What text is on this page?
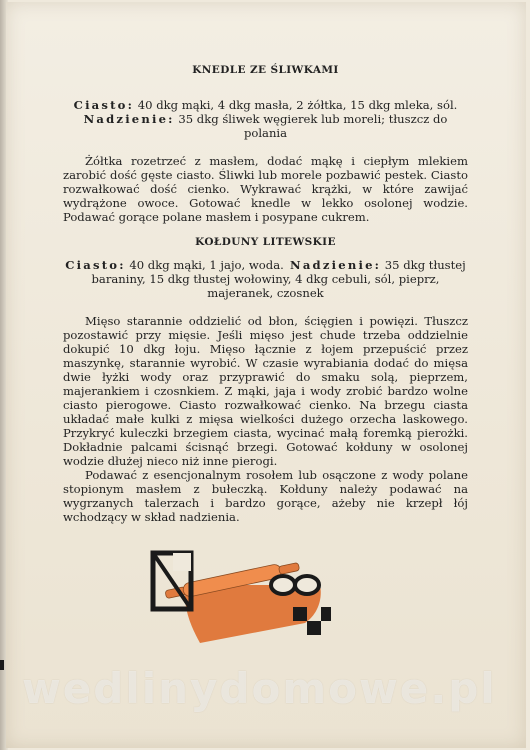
KNEDLE ZE ŚLIWKAMI

Ciasto: 40 dkg mąki, 4 dkg masła, 2 żółtka, 15 dkg mleka, sól. Nadzienie: 35 dkg śliwek węgierek lub moreli; tłuszcz do polania

Żółtka rozetrzeć z masłem, dodać mąkę i ciepłym mlekiem zarobić dość gęste ciasto. Śliwki lub morele pozbawić pestek. Ciasto rozwałkować dość cienko. Wykrawać krążki, w które zawijać wydrążone owoce. Gotować knedle w lekko osolonej wodzie. Podawać gorące polane masłem i posypane cukrem.

KOŁDUNY LITEWSKIE

Ciasto: 40 dkg mąki, 1 jajo, woda. Nadzienie: 35 dkg tłustej baraniny, 15 dkg tłustej wołowiny, 4 dkg cebuli, sól, pieprz, majeranek, czosnek

Mięso starannie oddzielić od błon, ścięgien i powięzi. Tłuszcz pozostawić przy mięsie. Jeśli mięso jest chude trzeba oddzielnie dokupić 10 dkg łoju. Mięso łącznie z łojem przepuścić przez maszynkę, starannie wyrobić. W czasie wyrabiania dodać do mięsa dwie łyżki wody oraz przyprawić do smaku solą, pieprzem, majerankiem i czosnkiem. Z mąki, jaja i wody zrobić bardzo wolne ciasto pierogowe. Ciasto rozwałkować cienko. Na brzegu ciasta układać małe kulki z mięsa wielkości dużego orzecha laskowego. Przykryć kuleczki brzegiem ciasta, wycinać małą foremką pierożki. Dokładnie palcami ścisnąć brzegi. Gotować kołduny w osolonej wodzie dłużej nieco niż inne pierogi.

Podawać z esencjonalnym rosołem lub osączone z wody polane stopionym masłem z bułeczką. Kołduny należy podawać na wygrzanych talerzach i bardzo gorące, ażeby nie krzepł łój wchodzący w skład nadzienia.

wedlinydomowe.pl
